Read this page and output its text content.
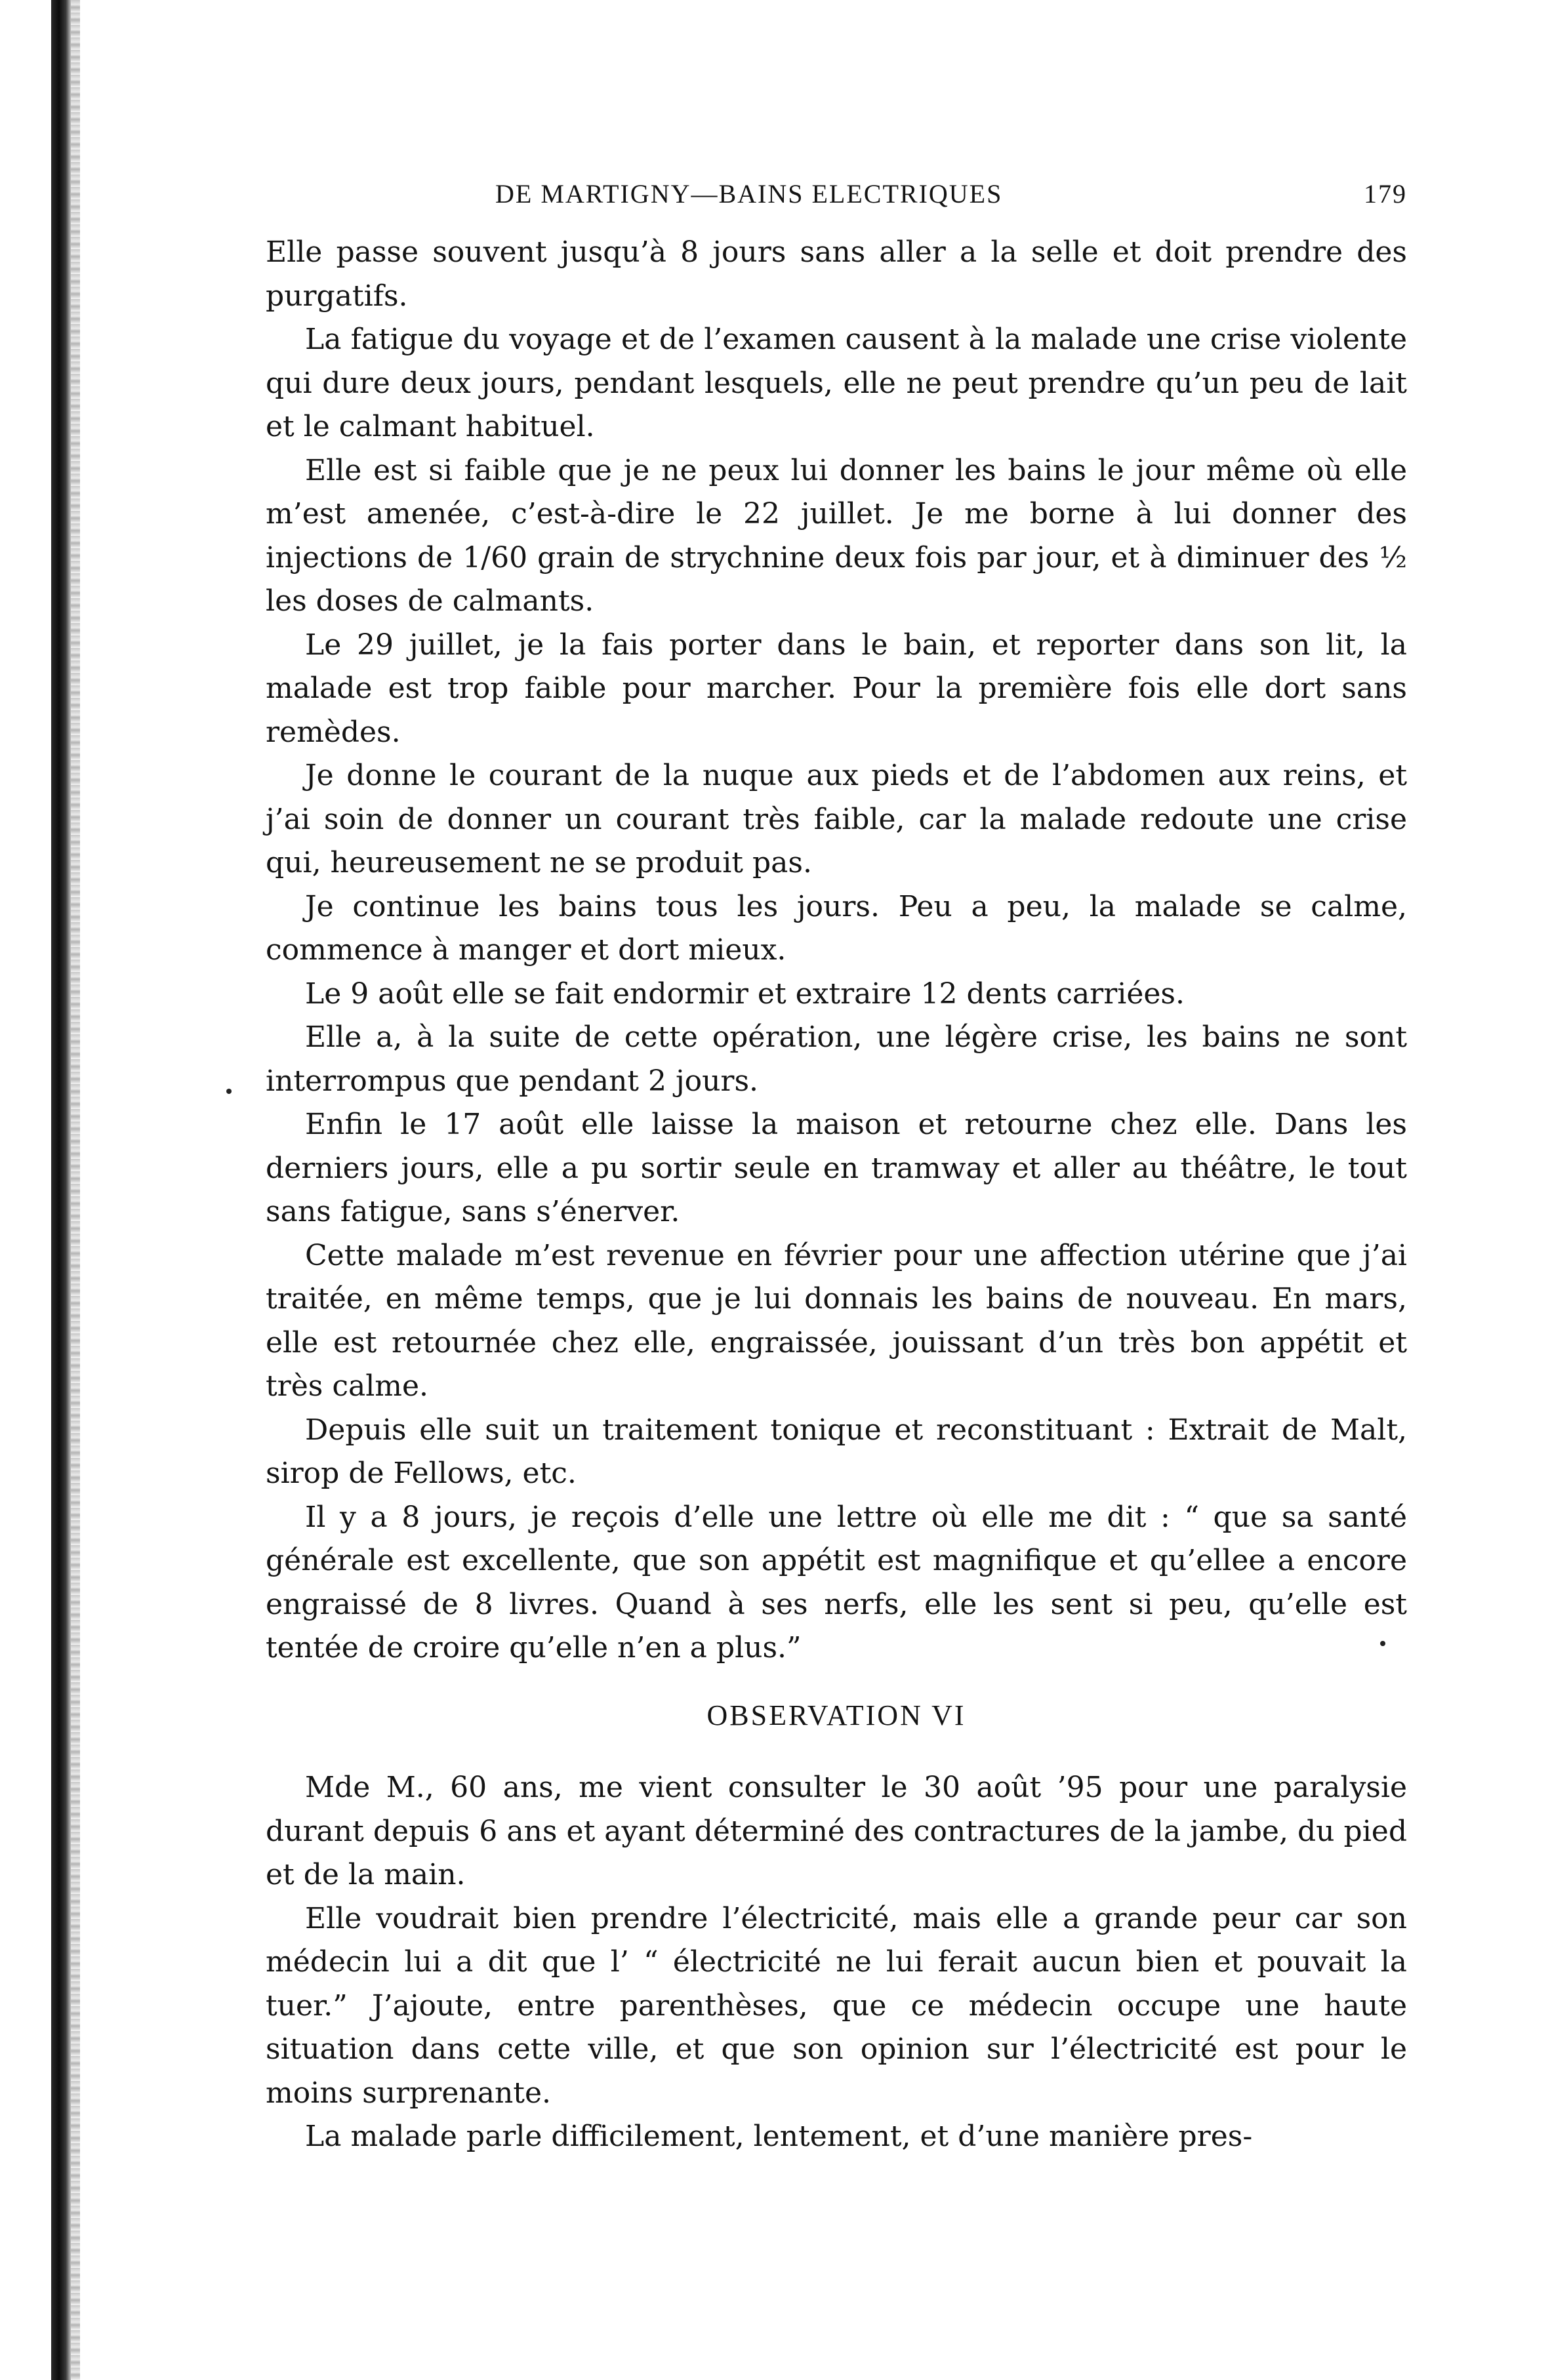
DE MARTIGNY—BAINS ELECTRIQUES	179

Elle passe souvent jusqu’à 8 jours sans aller a la selle et doit prendre des purgatifs.

La fatigue du voyage et de l’examen causent à la malade une crise violente qui dure deux jours, pendant lesquels, elle ne peut prendre qu’un peu de lait et le calmant habituel.

Elle est si faible que je ne peux lui donner les bains le jour même où elle m’est amenée, c’est-à-dire le 22 juillet. Je me borne à lui donner des injections de 1/60 grain de strychnine deux fois par jour, et à diminuer des ½ les doses de calmants.

Le 29 juillet, je la fais porter dans le bain, et reporter dans son lit, la malade est trop faible pour marcher. Pour la première fois elle dort sans remèdes.

Je donne le courant de la nuque aux pieds et de l’abdomen aux reins, et j’ai soin de donner un courant très faible, car la malade redoute une crise qui, heureusement ne se produit pas.

Je continue les bains tous les jours. Peu a peu, la malade se calme, commence à manger et dort mieux.

Le 9 août elle se fait endormir et extraire 12 dents carriées.

Elle a, à la suite de cette opération, une légère crise, les bains ne sont interrompus que pendant 2 jours.

Enfin le 17 août elle laisse la maison et retourne chez elle. Dans les derniers jours, elle a pu sortir seule en tramway et aller au théâtre, le tout sans fatigue, sans s’énerver.

Cette malade m’est revenue en février pour une affection utérine que j’ai traitée, en même temps, que je lui donnais les bains de nouveau. En mars, elle est retournée chez elle, engraissée, jouissant d’un très bon appétit et très calme.

Depuis elle suit un traitement tonique et reconstituant : Extrait de Malt, sirop de Fellows, etc.

Il y a 8 jours, je reçois d’elle une lettre où elle me dit : “ que sa santé générale est excellente, que son appétit est magnifique et qu’ellee a encore engraissé de 8 livres. Quand à ses nerfs, elle les sent si peu, qu’elle est tentée de croire qu’elle n’en a plus.”

OBSERVATION VI

Mde M., 60 ans, me vient consulter le 30 août ’95 pour une paralysie durant depuis 6 ans et ayant déterminé des contractures de la jambe, du pied et de la main.

Elle voudrait bien prendre l’électricité, mais elle a grande peur car son médecin lui a dit que l’ “ électricité ne lui ferait aucun bien et pouvait la tuer.” J’ajoute, entre parenthèses, que ce médecin occupe une haute situation dans cette ville, et que son opinion sur l’électricité est pour le moins surprenante.

La malade parle difficilement, lentement, et d’une manière pres-
